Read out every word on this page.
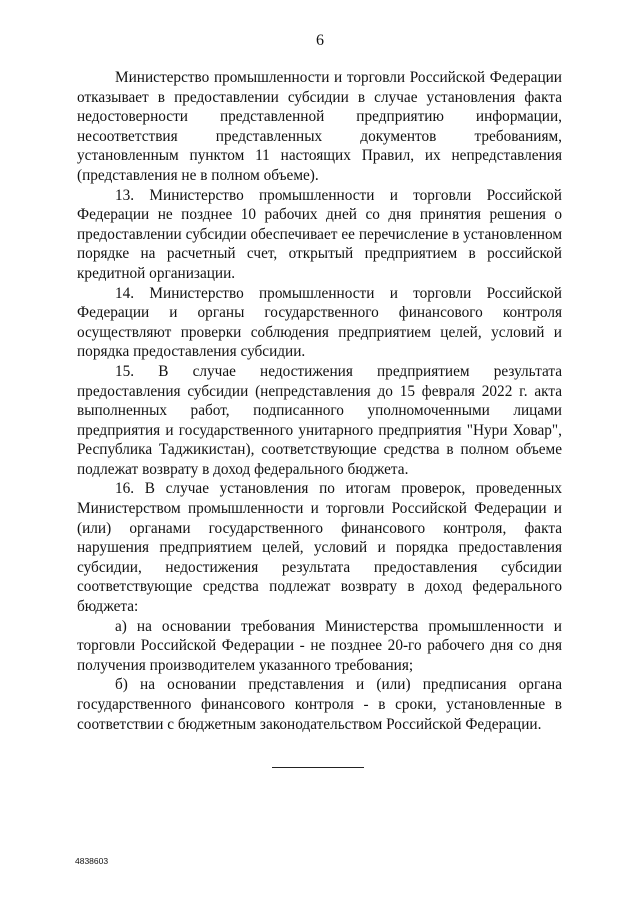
6

Министерство промышленности и торговли Российской Федерации отказывает в предоставлении субсидии в случае установления факта недостоверности представленной предприятию информации, несоответствия представленных документов требованиям, установленным пунктом 11 настоящих Правил, их непредставления (представления не в полном объеме).

13. Министерство промышленности и торговли Российской Федерации не позднее 10 рабочих дней со дня принятия решения о предоставлении субсидии обеспечивает ее перечисление в установленном порядке на расчетный счет, открытый предприятием в российской кредитной организации.

14. Министерство промышленности и торговли Российской Федерации и органы государственного финансового контроля осуществляют проверки соблюдения предприятием целей, условий и порядка предоставления субсидии.

15. В случае недостижения предприятием результата предоставления субсидии (непредставления до 15 февраля 2022 г. акта выполненных работ, подписанного уполномоченными лицами предприятия и государственного унитарного предприятия "Нури Ховар", Республика Таджикистан), соответствующие средства в полном объеме подлежат возврату в доход федерального бюджета.

16. В случае установления по итогам проверок, проведенных Министерством промышленности и торговли Российской Федерации и (или) органами государственного финансового контроля, факта нарушения предприятием целей, условий и порядка предоставления субсидии, недостижения результата предоставления субсидии соответствующие средства подлежат возврату в доход федерального бюджета:

а) на основании требования Министерства промышленности и торговли Российской Федерации - не позднее 20-го рабочего дня со дня получения производителем указанного требования;

б) на основании представления и (или) предписания органа государственного финансового контроля - в сроки, установленные в соответствии с бюджетным законодательством Российской Федерации.

4838603
